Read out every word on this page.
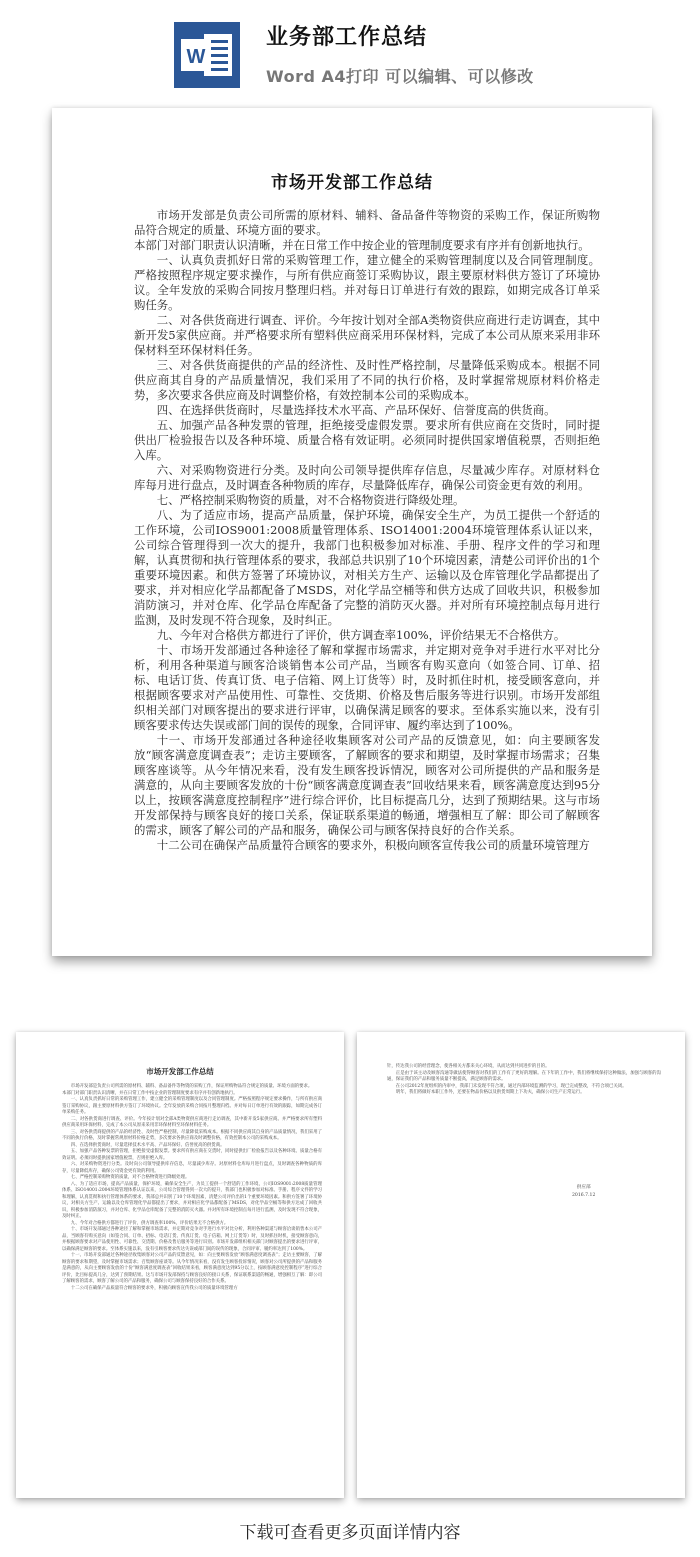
W
业务部工作总结
Word A4打印 可以编辑、可以修改
市场开发部工作总结

市场开发部是负责公司所需的原材料、辅料、备品备件等物资的采购工作，保证所购物品符合规定的质量、环境方面的要求。

本部门对部门职责认识清晰，并在日常工作中按企业的管理制度要求有序并有创新地执行。

一、认真负责抓好日常的采购管理工作，建立健全的采购管理制度以及合同管理制度。严格按照程序规定要求操作，与所有供应商签订采购协议，跟主要原材料供方签订了环境协议。全年发放的采购合同按月整理归档。并对每日订单进行有效的跟踪，如期完成各订单采购任务。

二、对各供货商进行调查、评价。今年按计划对全部A类物资供应商进行走访调查，其中新开发5家供应商。并严格要求所有塑料供应商采用环保材料，完成了本公司从原来采用非环保材料至环保材料任务。

三、对各供货商提供的产品的经济性、及时性严格控制，尽量降低采购成本。根据不同供应商其自身的产品质量情况，我们采用了不同的执行价格，及时掌握常规原材料价格走势，多次要求各供应商及时调整价格，有效控制本公司的采购成本。

四、在选择供货商时，尽量选择技术水平高、产品环保好、信誉度高的供货商。

五、加强产品各种发票的管理，拒绝接受虚假发票。要求所有供应商在交货时，同时提供出厂检验报告以及各种环境、质量合格有效证明。必须同时提供国家增值税票，否则拒绝入库。

六、对采购物资进行分类。及时向公司领导提供库存信息，尽量减少库存。对原材料仓库每月进行盘点，及时调查各种物质的库存，尽量降低库存，确保公司资金更有效的利用。

七、严格控制采购物资的质量，对不合格物资进行降级处理。

八、为了适应市场，提高产品质量，保护环境，确保安全生产，为员工提供一个舒适的工作环境，公司IOS9001:2008质量管理体系、ISO14001:2004环境管理体系认证以来，公司综合管理得到一次大的提升，我部门也积极参加对标准、手册、程序文件的学习和理解，认真贯彻和执行管理体系的要求，我部总共识别了10个环境因素，清楚公司评价出的1个重要环境因素。和供方签署了环境协议，对相关方生产、运输以及仓库管理化学品都提出了要求，并对相应化学品都配备了MSDS，对化学品空桶等和供方达成了回收共识，积极参加消防演习，并对仓库、化学品仓库配备了完整的消防灭火器。并对所有环境控制点每月进行监测，及时发现不符合现象，及时纠正。

九、今年对合格供方都进行了评价，供方调查率100%，评价结果无不合格供方。

十、市场开发部通过各种途径了解和掌握市场需求，并定期对竞争对手进行水平对比分析，利用各种渠道与顾客洽谈销售本公司产品，当顾客有购买意向（如签合同、订单、招标、电话订货、传真订货、电子信箱、网上订货等）时，及时抓住时机，接受顾客意向，并根据顾客要求对产品使用性、可靠性、交货期、价格及售后服务等进行识别。市场开发部组织相关部门对顾客提出的要求进行评审，以确保满足顾客的要求。至体系实施以来，没有引顾客要求传达失误或部门间的误传的现象，合同评审、履约率达到了100%。

十一、市场开发部通过各种途径收集顾客对公司产品的反馈意见，如：向主要顾客发放“顾客满意度调查表”；走访主要顾客，了解顾客的要求和期望，及时掌握市场需求；召集顾客座谈等。从今年情况来看，没有发生顾客投诉情况，顾客对公司所提供的产品和服务是满意的，从向主要顾客发放的十份“顾客满意度调查表”回收结果来看，顾客满意度达到95分以上，按顾客满意度控制程序”进行综合评价，比目标提高几分，达到了预期结果。这与市场开发部保持与顾客良好的接口关系，保证联系渠道的畅通，增强相互了解：即公司了解顾客的需求，顾客了解公司的产品和服务，确保公司与顾客保持良好的合作关系。

十二公司在确保产品质量符合顾客的要求外，积极向顾客宣传我公司的质量环境管理方

市场开发部工作总结

市场开发部是负责公司所需的原材料、辅料、备品备件等物资的采购工作，保证所购物品符合规定的质量、环境方面的要求。

本部门对部门职责认识清晰，并在日常工作中按企业的管理制度要求有序并有创新地执行。

一、认真负责抓好日常的采购管理工作，建立健全的采购管理制度以及合同管理制度。严格按照程序规定要求操作，与所有供应商签订采购协议，跟主要原材料供方签订了环境协议。全年发放的采购合同按月整理归档。并对每日订单进行有效的跟踪，如期完成各订单采购任务。

二、对各供货商进行调查、评价。今年按计划对全部A类物资供应商进行走访调查，其中新开发5家供应商。并严格要求所有塑料供应商采用环保材料，完成了本公司从原来采用非环保材料至环保材料任务。

三、对各供货商提供的产品的经济性、及时性严格控制，尽量降低采购成本。根据不同供应商其自身的产品质量情况，我们采用了不同的执行价格，及时掌握常规原材料价格走势，多次要求各供应商及时调整价格，有效控制本公司的采购成本。

四、在选择供货商时，尽量选择技术水平高、产品环保好、信誉度高的供货商。

五、加强产品各种发票的管理，拒绝接受虚假发票。要求所有供应商在交货时，同时提供出厂检验报告以及各种环境、质量合格有效证明。必须同时提供国家增值税票，否则拒绝入库。

六、对采购物资进行分类。及时向公司领导提供库存信息，尽量减少库存。对原材料仓库每月进行盘点，及时调查各种物质的库存，尽量降低库存，确保公司资金更有效的利用。

七、严格控制采购物资的质量，对不合格物资进行降级处理。

八、为了适应市场，提高产品质量，保护环境，确保安全生产，为员工提供一个舒适的工作环境，公司IOS9001:2008质量管理体系、ISO14001:2004环境管理体系认证以来，公司综合管理得到一次大的提升，我部门也积极参加对标准、手册、程序文件的学习和理解，认真贯彻和执行管理体系的要求，我部总共识别了10个环境因素，清楚公司评价出的1个重要环境因素。和供方签署了环境协议，对相关方生产、运输以及仓库管理化学品都提出了要求，并对相应化学品都配备了MSDS，对化学品空桶等和供方达成了回收共识，积极参加消防演习，并对仓库、化学品仓库配备了完整的消防灭火器。并对所有环境控制点每月进行监测，及时发现不符合现象，及时纠正。

九、今年对合格供方都进行了评价，供方调查率100%，评价结果无不合格供方。

十、市场开发部通过各种途径了解和掌握市场需求，并定期对竞争对手进行水平对比分析，利用各种渠道与顾客洽谈销售本公司产品，当顾客有购买意向（如签合同、订单、招标、电话订货、传真订货、电子信箱、网上订货等）时，及时抓住时机，接受顾客意向，并根据顾客要求对产品使用性、可靠性、交货期、价格及售后服务等进行识别。市场开发部组织相关部门对顾客提出的要求进行评审，以确保满足顾客的要求。至体系实施以来，没有引顾客要求传达失误或部门间的误传的现象，合同评审、履约率达到了100%。

十一、市场开发部通过各种途径收集顾客对公司产品的反馈意见，如：向主要顾客发放“顾客满意度调查表”；走访主要顾客，了解顾客的要求和期望，及时掌握市场需求；召集顾客座谈等。从今年情况来看，没有发生顾客投诉情况，顾客对公司所提供的产品和服务是满意的，从向主要顾客发放的十份“顾客满意度调查表”回收结果来看，顾客满意度达到95分以上，按顾客满意度控制程序”进行综合评价，比目标提高几分，达到了预期结果。这与市场开发部保持与顾客良好的接口关系，保证联系渠道的畅通，增强相互了解：即公司了解顾客的需求，顾客了解公司的产品和服务，确保公司与顾客保持良好的合作关系。

十二公司在确保产品质量符合顾客的要求外，积极向顾客宣传我公司的质量环境管理方

针，传达我公司的经营理念，使各相关方都来关心环境，从而达到共同进步的目的。

正是由于该主动及顾客沟通等做法使得顾客对我们的工作有了更好的理解。在下年的工作中，我们将继续保持这种做法，加强与顾客的沟通，保证我们的产品和服务质量不断提高，满足顾客的需求。

在公司2012年度组织的内审中，我部门未发现不符合项，通过内部环境监测的学习，现已完成整改，不符合项已关闭。

明年，我们将做好本职工作外，还要在物品价格以及供货周期上下功夫，确保公司生产正常运行。

供应部
2016.7.12
下载可查看更多页面详情内容
